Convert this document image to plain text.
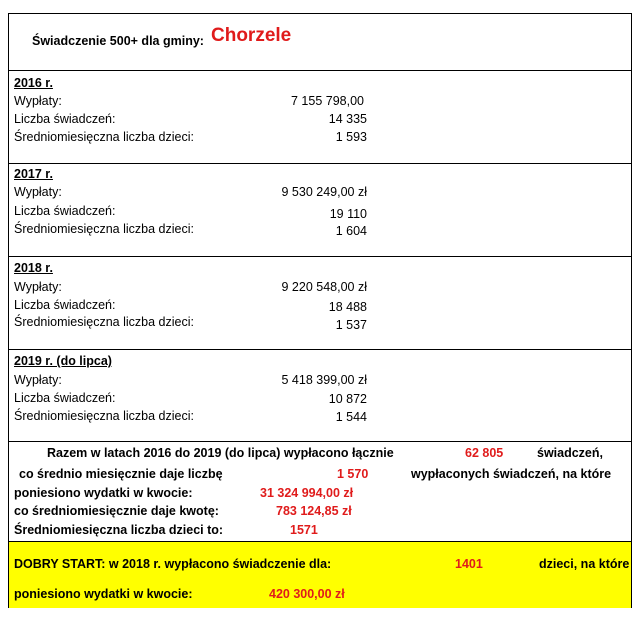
Świadczenie 500+ dla gminy: Chorzele
2016 r.
Wypłaty:	7 155 798,00
Liczba świadczeń:	14 335
Średniomiesięczna liczba dzieci:	1 593
2017 r.
Wypłaty:	9 530 249,00 zł
Liczba świadczeń:	19 110
Średniomiesięczna liczba dzieci:	1 604
2018 r.
Wypłaty:	9 220 548,00 zł
Liczba świadczeń:	18 488
Średniomiesięczna liczba dzieci:	1 537
2019 r. (do lipca)
Wypłaty:	5 418 399,00 zł
Liczba świadczeń:	10 872
Średniomiesięczna liczba dzieci:	1 544
Razem w latach 2016 do 2019 (do lipca) wypłacono łącznie	62 805	świadczeń,
co średnio miesięcznie daje liczbę	1 570	wypłaconych świadczeń, na które
poniesiono wydatki w kwocie:	31 324 994,00 zł
co średniomiesięcznie daje kwotę:	783 124,85 zł
Średniomiesięczna liczba dzieci to:	1571
DOBRY START: w 2018 r. wypłacono świadczenie dla:	1401	dzieci, na które
poniesiono wydatki w kwocie:	420 300,00 zł
